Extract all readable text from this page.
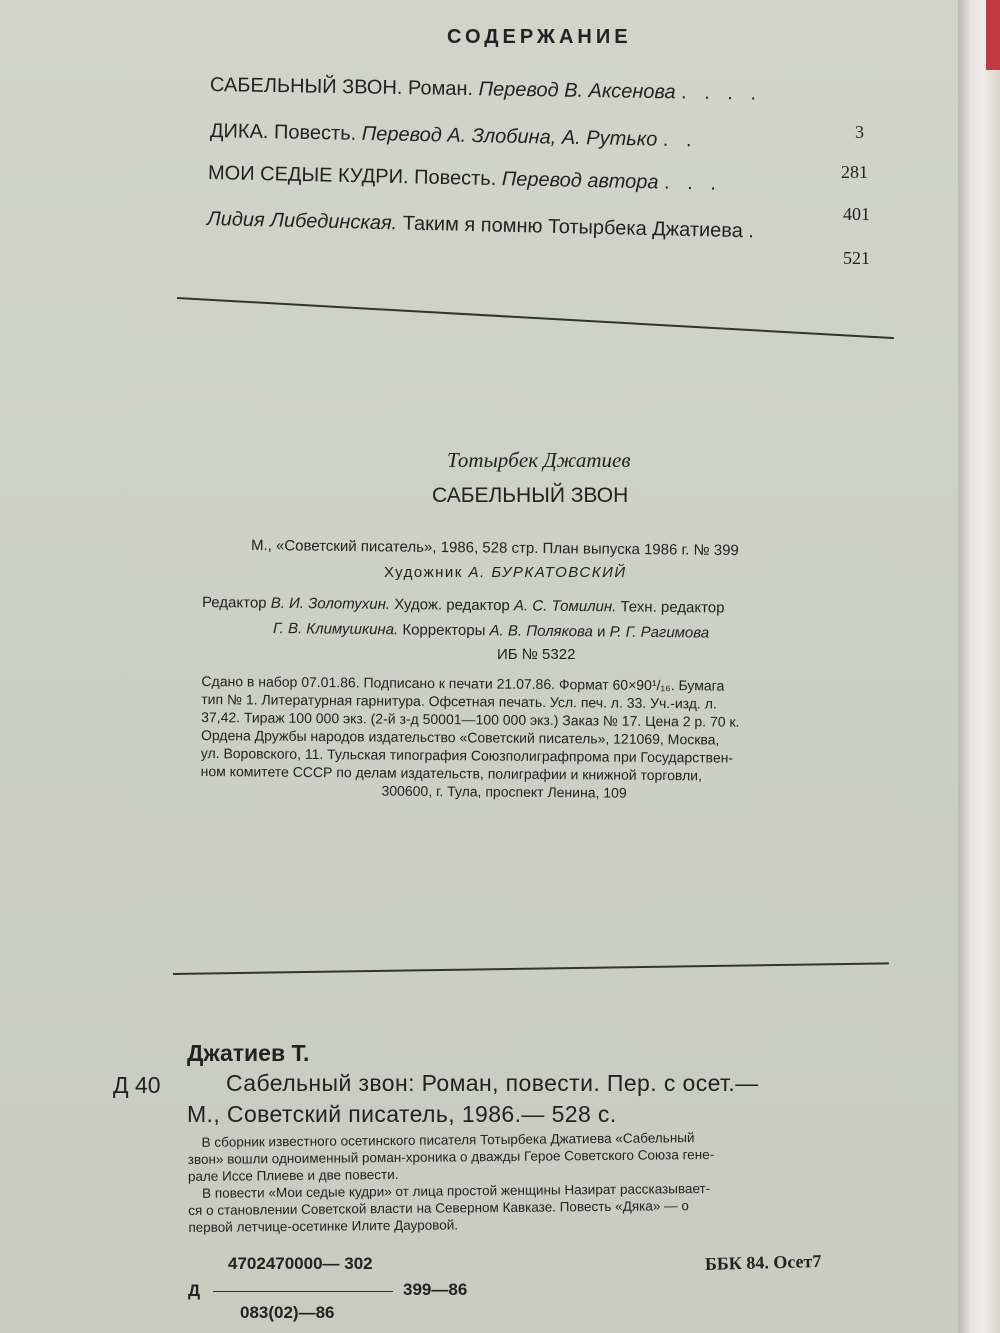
СОДЕРЖАНИЕ
САБЕЛЬНЫЙ ЗВОН. Роман. Перевод В. Аксенова . . . .
3
ДИКА. Повесть. Перевод А. Злобина, А. Рутько . .
281
МОИ СЕДЫЕ КУДРИ. Повесть. Перевод автора . . .
401
Лидия Либединская. Таким я помню Тотырбека Джатиева .
521
Тотырбек Джатиев
САБЕЛЬНЫЙ ЗВОН
М., «Советский писатель», 1986, 528 стр. План выпуска 1986 г. № 399
Художник А. БУРКАТОВСКИЙ
Редактор В. И. Золотухин. Худож. редактор А. С. Томилин. Техн. редактор
Г. В. Климушкина. Корректоры А. В. Полякова и Р. Г. Рагимова
ИБ № 5322
Сдано в набор 07.01.86. Подписано к печати 21.07.86. Формат 60×90¹/₁₆. Бумага
тип № 1. Литературная гарнитура. Офсетная печать. Усл. печ. л. 33. Уч.-изд. л.
37,42. Тираж 100 000 экз. (2-й з-д 50001—100 000 экз.) Заказ № 17. Цена 2 р. 70 к.
Ордена Дружбы народов издательство «Советский писатель», 121069, Москва,
ул. Воровского, 11. Тульская типография Союзполиграфпрома при Государствен-
ном комитете СССР по делам издательств, полиграфии и книжной торговли,
300600, г. Тула, проспект Ленина, 109
Джатиев Т.
Д 40	Сабельный звон: Роман, повести. Пер. с осет.—
М., Советский писатель, 1986.— 528 с.
В сборник известного осетинского писателя Тотырбека Джатиева «Сабельный
звон» вошли одноименный роман-хроника о дважды Герое Советского Союза гене-
рале Иссе Плиеве и две повести.
В повести «Мои седые кудри» от лица простой женщины Назират рассказывает-
ся о становлении Советской власти на Северном Кавказе. Повесть «Дяка» — о
первой летчице-осетинке Илите Дауровой.
4702470000— 302
Д	399—86
083(02)—86
ББК 84. Осет7
